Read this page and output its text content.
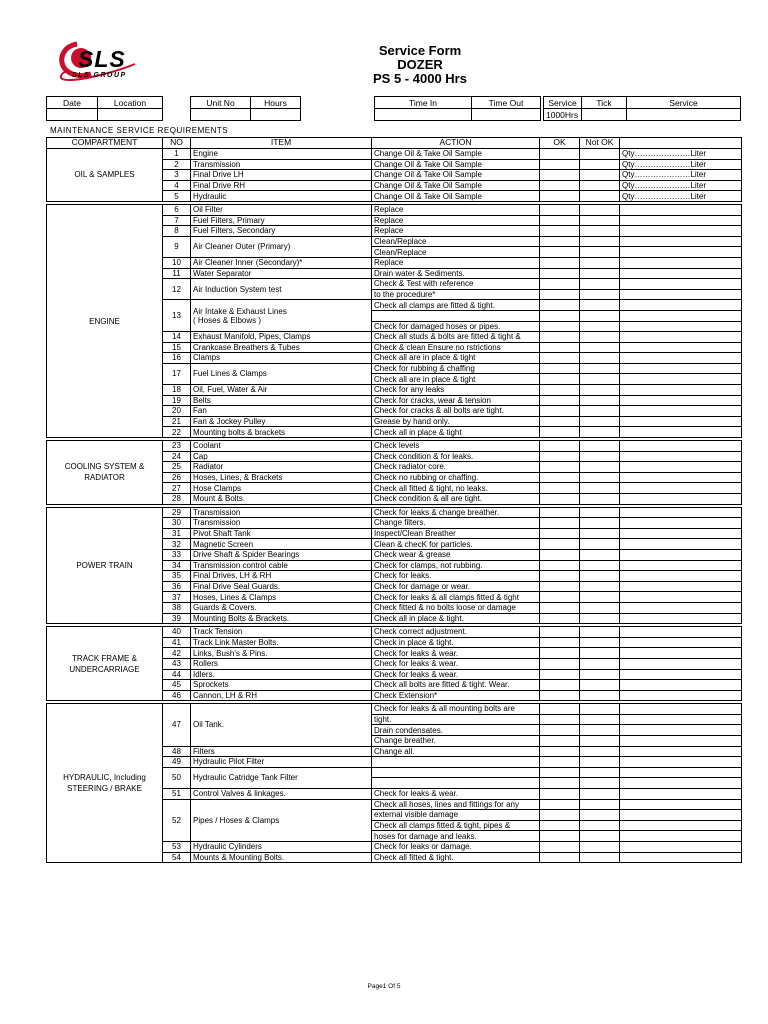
SLS
SLS GROUP
Service Form
DOZER
PS 5 - 4000 Hrs
Date	Location
		Unit No	Hours
		Time In	Time Out
		Service	Tick	Service
1000Hrs		
MAINTENANCE SERVICE REQUIREMENTS
COMPARTMENT	NO	ITEM	ACTION	OK	Not OK	
OIL & SAMPLES	1	Engine	Change Oil & Take Oil Sample			Qty…………………Liter
	2	Transmission	Change Oil & Take Oil Sample			Qty…………………Liter
	3	Final Drive LH	Change Oil & Take Oil Sample			Qty…………………Liter
	4	Final Drive RH	Change Oil & Take Oil Sample			Qty…………………Liter
	5	Hydraulic	Change Oil & Take Oil Sample			Qty…………………Liter

ENGINE	6	Oil Filter	Replace			
	7	Fuel Filters, Primary	Replace			
	8	Fuel Filters, Secondary	Replace			
	9	Air Cleaner Outer (Primary)	Clean/Replace			
			Clean/Replace			
	10	Air Cleaner Inner (Secondary)*	Replace			
	11	Water Separator	Drain water & Sediments.			
	12	Air Induction System test	Check & Test with reference			
			to the procedure*			
	13	Air Intake & Exhaust Lines
( Hoses & Elbows )	Check all clamps are fitted & tight.			

			Check for damaged hoses or pipes.			
	14	Exhaust Manifold, Pipes, Clamps	Check all studs & bolts are fitted & tight &			
	15	Crankcase Breathers & Tubes	Check & clean Ensure no rstrictions			
	16	Clamps	Check all are in place & tight			
	17	Fuel Lines & Clamps	Check for rubbing & chaffing			
			Check all are in place & tight			
	18	Oil, Fuel, Water & Air	Check for any leaks			
	19	Belts	Check for cracks, wear & tension			
	20	Fan	Check for cracks & all bolts are tight.			
	21	Fan & Jockey Pulley	Grease by hand only.			
	22	Mounting bolts & brackets	Check all in place & tight			

COOLING SYSTEM &
RADIATOR	23	Coolant	Check levels			
	24	Cap	Check condition & for leaks.			
	25	Radiator	Check radiator core.			
	26	Hoses, Lines, & Brackets	Check no rubbing or chaffing.			
	27	Hose Clamps	Check all fitted & tight, no leaks.			
	28	Mount & Bolts.	Check condition & all are tight.			

POWER TRAIN	29	Transmission	Check for leaks & change breather.			
	30	Transmission	Change filters.			
	31	Pivot Shaft Tank	Inspect/Clean Breather			
	32	Magnetic Screen	Clean & checK for particles.			
	33	Drive Shaft & Spider Bearings	Check wear & grease			
	34	Transmission control cable	Check for clamps, not rubbing.			
	35	Final Drives, LH & RH	Check for leaks.			
	36	Final Drive Seal Guards.	Check for damage or wear.			
	37	Hoses, Lines & Clamps	Check for leaks & all clamps fitted & tight			
	38	Guards & Covers.	Check fitted & no bolts loose or damage			
	39	Mounting Bolts & Brackets.	Check all in place & tight.			

TRACK FRAME &
UNDERCARRIAGE	40	Track Tension	Check correct adjustment.			
	41	Track Link Master Bolts.	Check in place & tight.			
	42	Links, Bush's & Pins.	Check for leaks & wear.			
	43	Rollers	Check for leaks & wear.			
	44	Idlers.	Check for leaks & wear.			
	45	Sprockets	Check all bolts are fitted & tight. Wear.			
	46	Cannon, LH & RH	Check Extension*			

HYDRAULIC, Including
STEERING / BRAKE	47	Oil Tank.	Check for leaks & all mounting bolts are			
			tight.			
			Drain condensates.			
			Change breather.			
	48	Filters	Change all.			
	49	Hydraulic Pilot Filter				
	50	Hydraulic Catridge Tank Filter				

	51	Control Valves & linkages.	Check for leaks & wear.			
	52	Pipes / Hoses & Clamps	Check all hoses, lines and fittings for any			
			external visible damage			
			Check all clamps fitted & tight, pipes &			
			hoses for damage and leaks.			
	53	Hydraulic Cylinders	Check for leaks or damage.			
	54	Mounts & Mounting Bolts.	Check all fitted & tight.			
Page1 Of 5
